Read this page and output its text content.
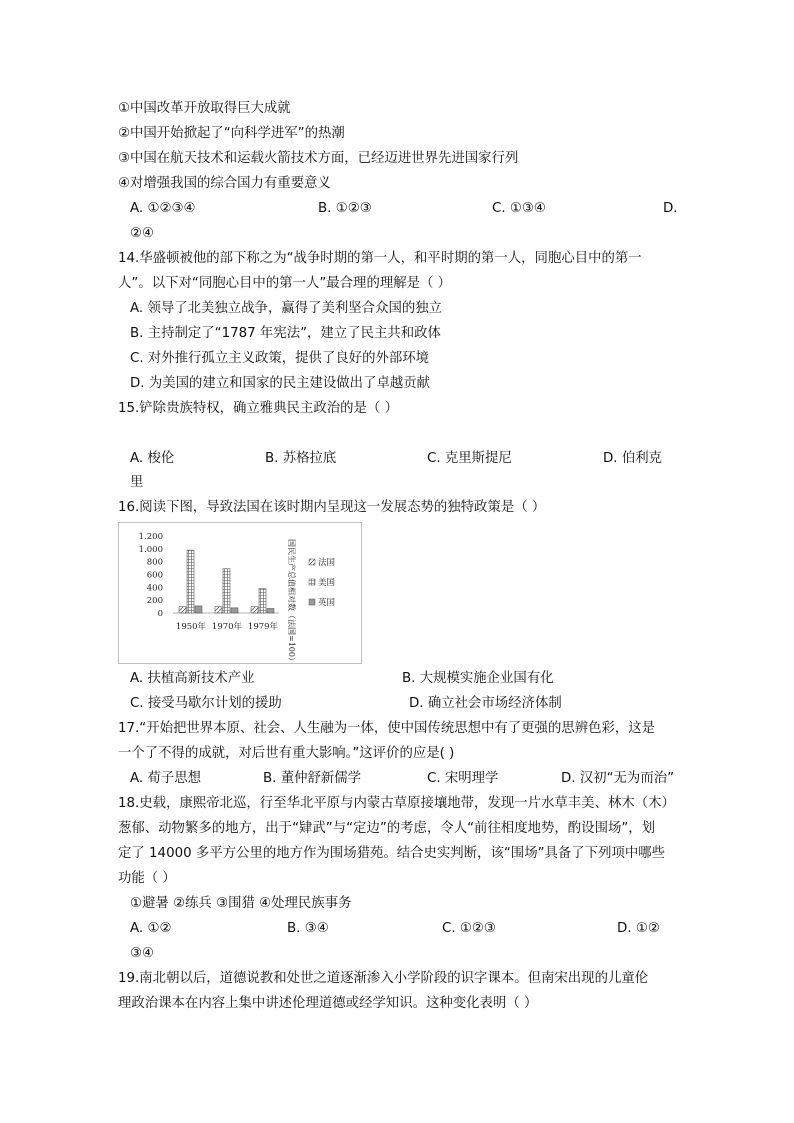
①中国改革开放取得巨大成就
②中国开始掀起了“向科学进军”的热潮
③中国在航天技术和运载火箭技术方面，已经迈进世界先进国家行列
④对增强我国的综合国力有重要意义
A. ①②③④	B. ①②③	C. ①③④	D.
②④
14.华盛顿被他的部下称之为“战争时期的第一人，和平时期的第一人，同胞心目中的第一
人”。以下对“同胞心目中的第一人”最合理的理解是（ ）
A. 领导了北美独立战争，赢得了美利坚合众国的独立
B. 主持制定了“1787 年宪法”，建立了民主共和政体
C. 对外推行孤立主义政策，提供了良好的外部环境
D. 为美国的建立和国家的民主建设做出了卓越贡献
15.铲除贵族特权，确立雅典民主政治的是（ ）
A. 梭伦	B. 苏格拉底	C. 克里斯提尼	D. 伯利克
里
16.阅读下图，导致法国在该时期内呈现这一发展态势的独特政策是（ ）
0
200
400
600
800
1.000
1.200
1950年 1970年 1979年 国民生产总值相对数（法国=100）	法国
美国
英国
A. 扶植高新技术产业	B. 大规模实施企业国有化
C. 接受马歇尔计划的援助	D. 确立社会市场经济体制
17.“开始把世界本原、社会、人生融为一体，使中国传统思想中有了更强的思辨色彩，这是
一个了不得的成就，对后世有重大影响。”这评价的应是( )
A. 荀子思想	B. 董仲舒新儒学	C. 宋明理学	D. 汉初“无为而治”
18.史载，康熙帝北巡，行至华北平原与内蒙古草原接壤地带，发现一片水草丰美、林木（木）
葱郁、动物繁多的地方，出于“肄武”与“定边”的考虑，令人“前往相度地势，酌设围场”，划
定了 14000 多平方公里的地方作为围场猎苑。结合史实判断，该“围场”具备了下列项中哪些
功能（ ）
①避暑 ②练兵 ③围猎 ④处理民族事务
A. ①②	B. ③④	C. ①②③	D. ①②
③④
19.南北朝以后，道德说教和处世之道逐渐渗入小学阶段的识字课本。但南宋出现的儿童伦
理政治课本在内容上集中讲述伦理道德或经学知识。这种变化表明（ ）
